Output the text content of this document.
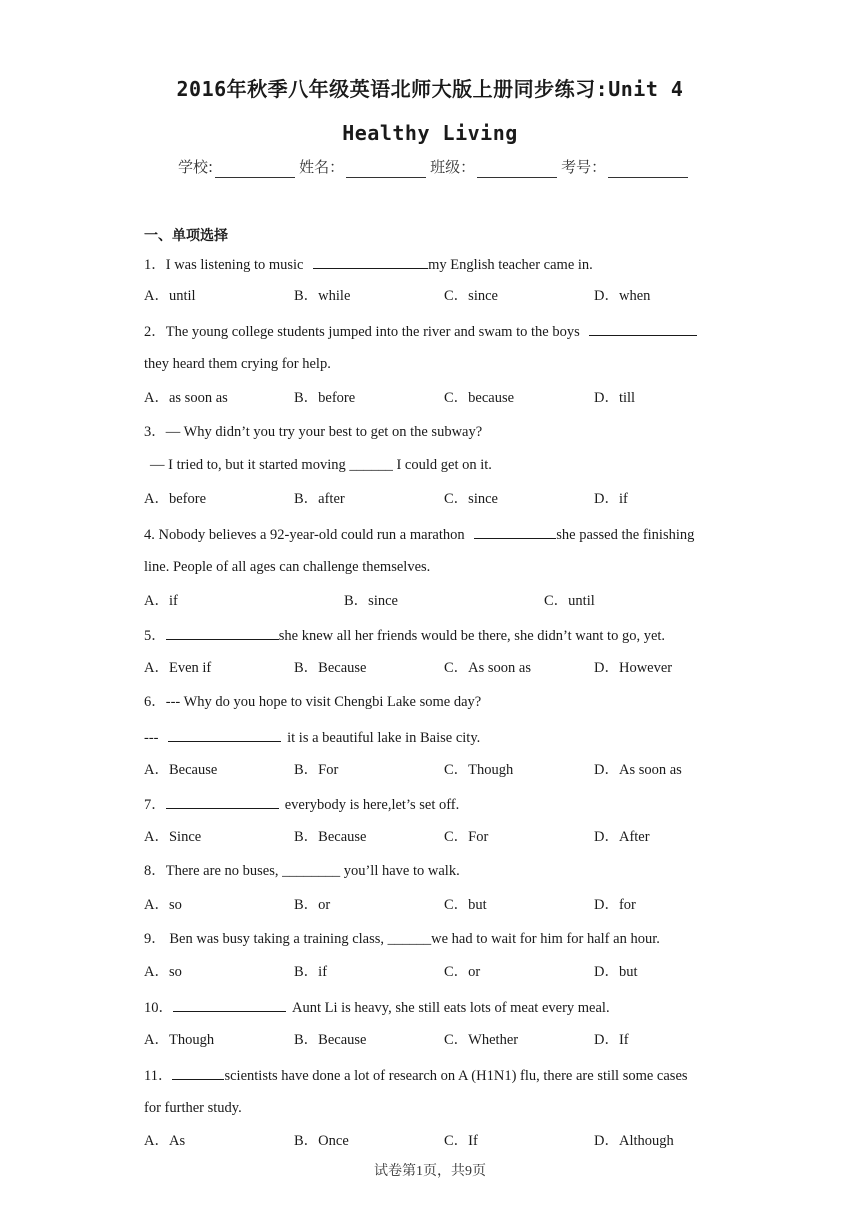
2016年秋季八年级英语北师大版上册同步练习:Unit 4
Healthy Living
学校:	姓名：	班级：	考号：
一、单项选择
1．I was listening to music	my English teacher came in.
A．until	B．while	C．since	D．when
2．The young college students jumped into the river and swam to the boys
they heard them crying for help.
A．as soon as	B．before	C．because	D．till
3．— Why didn’t you try your best to get on the subway?
— I tried to, but it started moving ______ I could get on it.
A．before	B．after	C．since	D．if
4. Nobody believes a 92-year-old could run a marathon	she passed the finishing
line. People of all ages can challenge themselves.
A．if	B．since	C．until
5．	she knew all her friends would be there, she didn’t want to go, yet.
A．Even if	B．Because	C．As soon as	D．However
6．--- Why do you hope to visit Chengbi Lake some day?
---	it is a beautiful lake in Baise city.
A．Because	B．For	C．Though	D．As soon as
7．	everybody is here,let’s set off.
A．Since	B．Because	C．For	D．After
8．There are no buses, ________ you’ll have to walk.
A．so	B．or	C．but	D．for
9． Ben was busy taking a training class, ______we had to wait for him for half an hour.
A．so	B．if	C．or	D．but
10．	Aunt Li is heavy, she still eats lots of meat every meal.
A．Though	B．Because	C．Whether	D．If
11．	scientists have done a lot of research on A (H1N1) flu, there are still some cases
for further study.
A．As	B．Once	C．If	D．Although
试卷第1页，共9页
